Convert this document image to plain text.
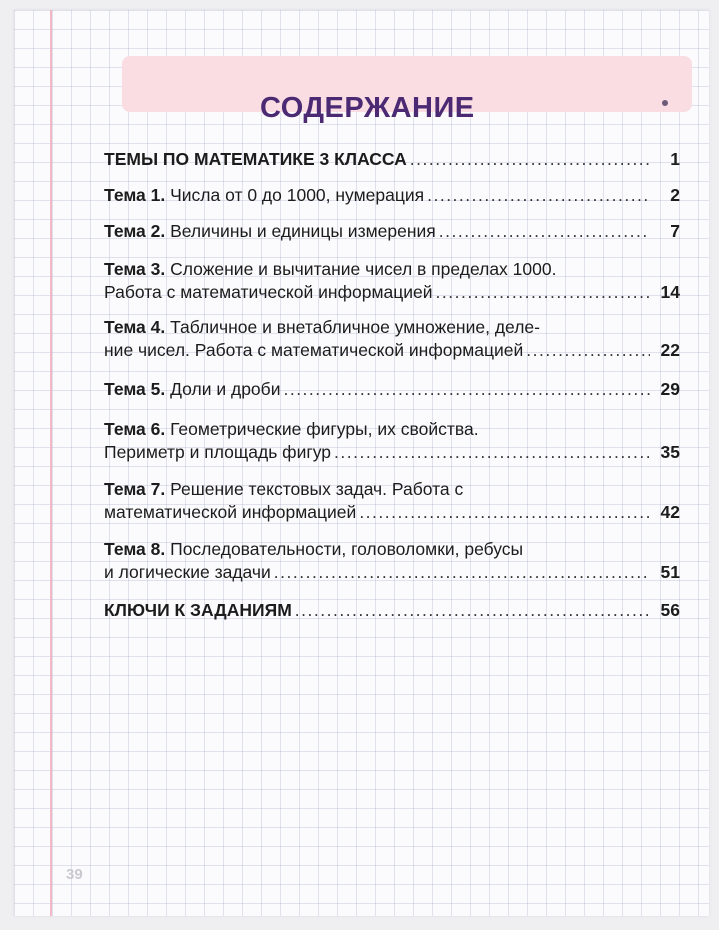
СОДЕРЖАНИЕ
ТЕМЫ ПО МАТЕМАТИКЕ 3 КЛАССА .....	1
Тема 1. Числа от 0 до 1000, нумерация .....	2
Тема 2. Величины и единицы измерения .....	7
Тема 3. Сложение и вычитание чисел в пределах 1000.
Работа с математической информацией .....	14
Тема 4. Табличное и внетабличное умножение, деле-
ние чисел. Работа с математической информацией .....	22
Тема 5. Доли и дроби .....	29
Тема 6. Геометрические фигуры, их свойства.
Периметр и площадь фигур .....	35
Тема 7. Решение текстовых задач. Работа с
математической информацией .....	42
Тема 8. Последовательности, головоломки, ребусы
и логические задачи .....	51
КЛЮЧИ К ЗАДАНИЯМ .....	56
39
